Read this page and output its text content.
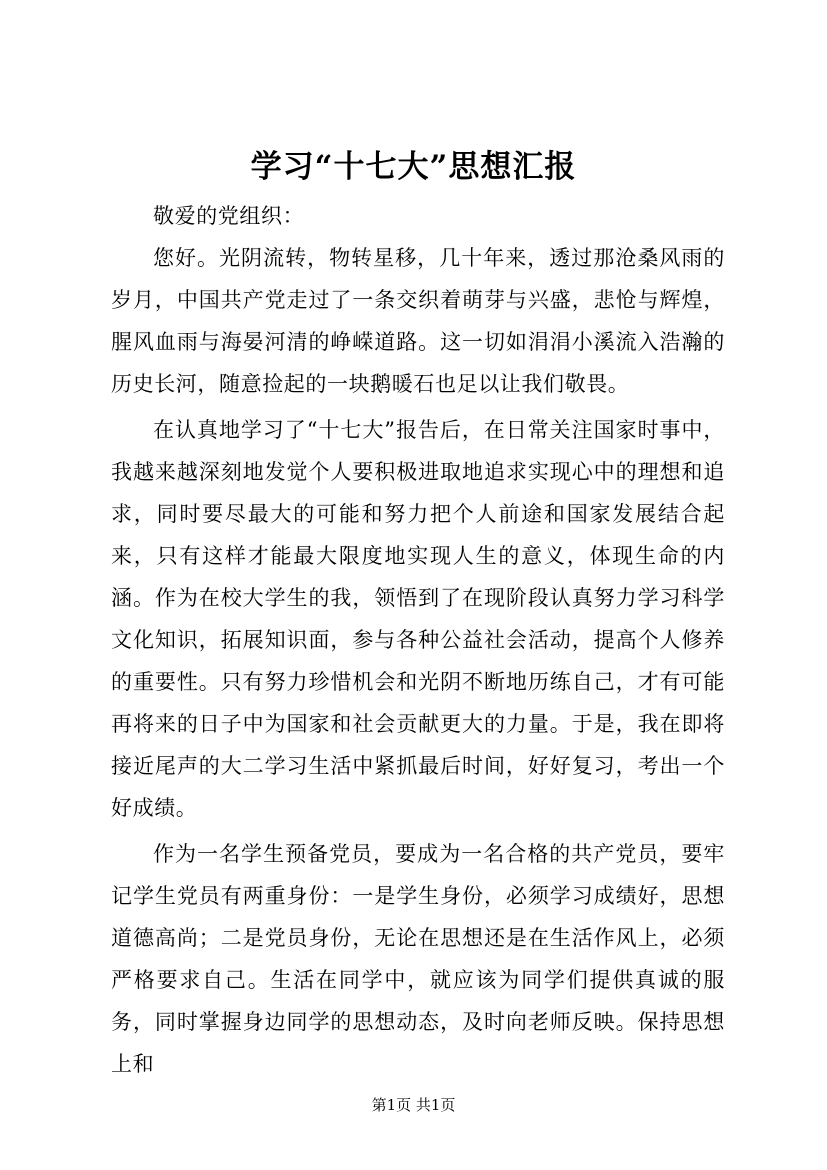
学习“十七大”思想汇报

敬爱的党组织：

您好。光阴流转，物转星移，几十年来，透过那沧桑风雨的岁月，中国共产党走过了一条交织着萌芽与兴盛，悲怆与辉煌，腥风血雨与海晏河清的峥嵘道路。这一切如涓涓小溪流入浩瀚的历史长河，随意捡起的一块鹅暖石也足以让我们敬畏。

在认真地学习了“十七大”报告后，在日常关注国家时事中，我越来越深刻地发觉个人要积极进取地追求实现心中的理想和追求，同时要尽最大的可能和努力把个人前途和国家发展结合起来，只有这样才能最大限度地实现人生的意义，体现生命的内涵。作为在校大学生的我，领悟到了在现阶段认真努力学习科学文化知识，拓展知识面，参与各种公益社会活动，提高个人修养的重要性。只有努力珍惜机会和光阴不断地历练自己，才有可能再将来的日子中为国家和社会贡献更大的力量。于是，我在即将接近尾声的大二学习生活中紧抓最后时间，好好复习，考出一个好成绩。

作为一名学生预备党员，要成为一名合格的共产党员，要牢记学生党员有两重身份：一是学生身份，必须学习成绩好，思想道德高尚；二是党员身份，无论在思想还是在生活作风上，必须严格要求自己。生活在同学中，就应该为同学们提供真诚的服务，同时掌握身边同学的思想动态，及时向老师反映。保持思想上和

第1页 共1页
